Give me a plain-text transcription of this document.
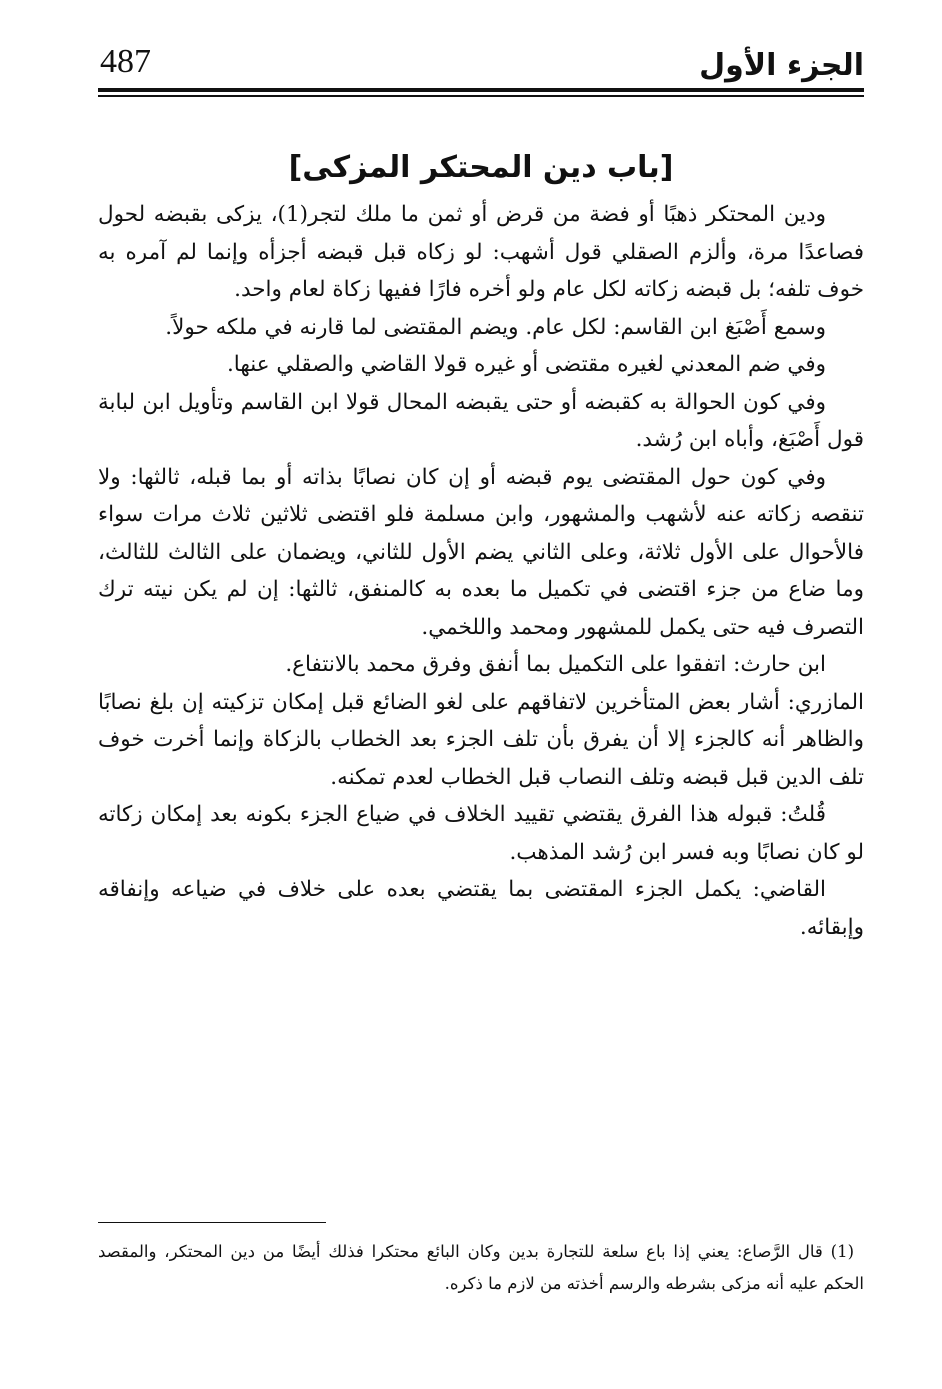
الجزء الأول
487
[باب دين المحتكر المزكى]

ودين المحتكر ذهبًا أو فضة من قرض أو ثمن ما ملك لتجر(1)، يزكى بقبضه لحول فصاعدًا مرة، وألزم الصقلي قول أشهب: لو زكاه قبل قبضه أجزأه وإنما لم آمره به خوف تلفه؛ بل قبضه زكاته لكل عام ولو أخره فارًا ففيها زكاة لعام واحد.

وسمع أَصْبَغ ابن القاسم: لكل عام. ويضم المقتضى لما قارنه في ملكه حولاً.

وفي ضم المعدني لغيره مقتضى أو غيره قولا القاضي والصقلي عنها.

وفي كون الحوالة به كقبضه أو حتى يقبضه المحال قولا ابن القاسم وتأويل ابن لبابة قول أَصْبَغ، وأباه ابن رُشد.

وفي كون حول المقتضى يوم قبضه أو إن كان نصابًا بذاته أو بما قبله، ثالثها: ولا تنقصه زكاته عنه لأشهب والمشهور، وابن مسلمة فلو اقتضى ثلاثين ثلاث مرات سواء فالأحوال على الأول ثلاثة، وعلى الثاني يضم الأول للثاني، ويضمان على الثالث للثالث، وما ضاع من جزء اقتضى في تكميل ما بعده به كالمنفق، ثالثها: إن لم يكن نيته ترك التصرف فيه حتى يكمل للمشهور ومحمد واللخمي.

ابن حارث: اتفقوا على التكميل بما أنفق وفرق محمد بالانتفاع.

المازري: أشار بعض المتأخرين لاتفاقهم على لغو الضائع قبل إمكان تزكيته إن بلغ نصابًا والظاهر أنه كالجزء إلا أن يفرق بأن تلف الجزء بعد الخطاب بالزكاة وإنما أخرت خوف تلف الدين قبل قبضه وتلف النصاب قبل الخطاب لعدم تمكنه.

قُلتُ: قبوله هذا الفرق يقتضي تقييد الخلاف في ضياع الجزء بكونه بعد إمكان زكاته لو كان نصابًا وبه فسر ابن رُشد المذهب.

القاضي: يكمل الجزء المقتضى بما يقتضي بعده على خلاف في ضياعه وإنفاقه وإبقائه.

(1) قال الرَّصاع: يعني إذا باع سلعة للتجارة بدين وكان البائع محتكرا فذلك أيضًا من دين المحتكر، والمقصد الحكم عليه أنه مزكى بشرطه والرسم أخذته من لازم ما ذكره.
